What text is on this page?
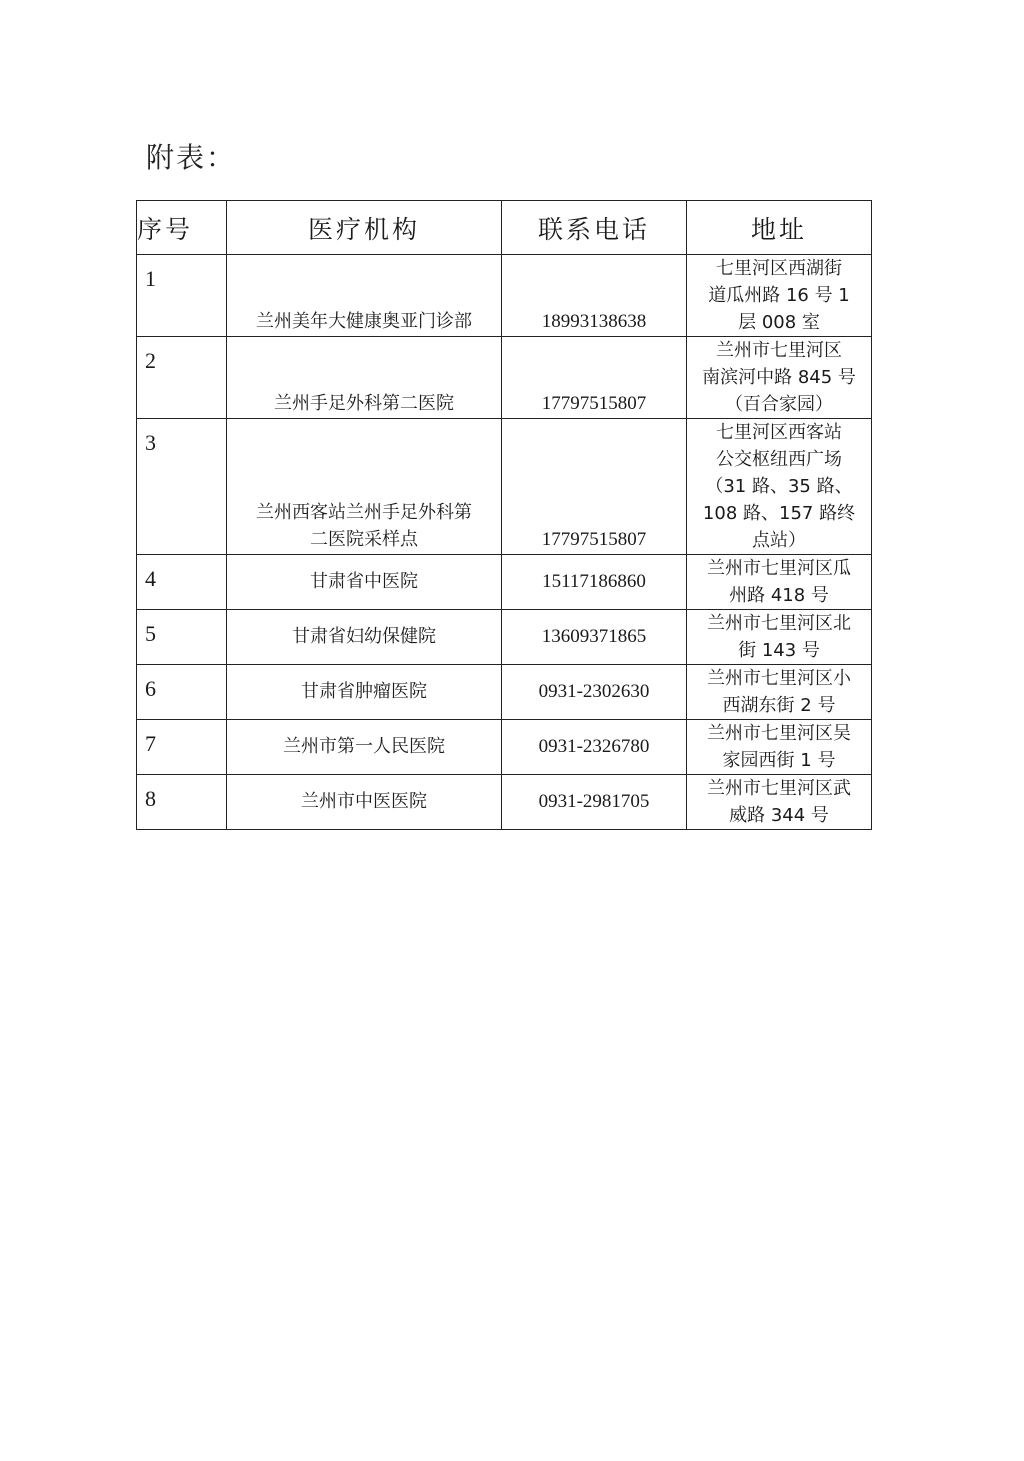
附表：
序号	医疗机构	联系电话	地址
1	兰州美年大健康奥亚门诊部	18993138638	七里河区西湖街
道瓜州路 16 号 1
层 008 室

2	兰州手足外科第二医院	17797515807	兰州市七里河区
南滨河中路 845 号
（百合家园）

3	兰州西客站兰州手足外科第
二医院采样点	17797515807	七里河区西客站
公交枢纽西广场
（31 路、35 路、
108 路、157 路终
点站）

4	甘肃省中医院	15117186860	兰州市七里河区瓜
州路 418 号

5	甘肃省妇幼保健院	13609371865	兰州市七里河区北
街 143 号

6	甘肃省肿瘤医院	0931-2302630	兰州市七里河区小
西湖东街 2 号

7	兰州市第一人民医院	0931-2326780	兰州市七里河区吴
家园西街 1 号

8	兰州市中医医院	0931-2981705	兰州市七里河区武
威路 344 号
